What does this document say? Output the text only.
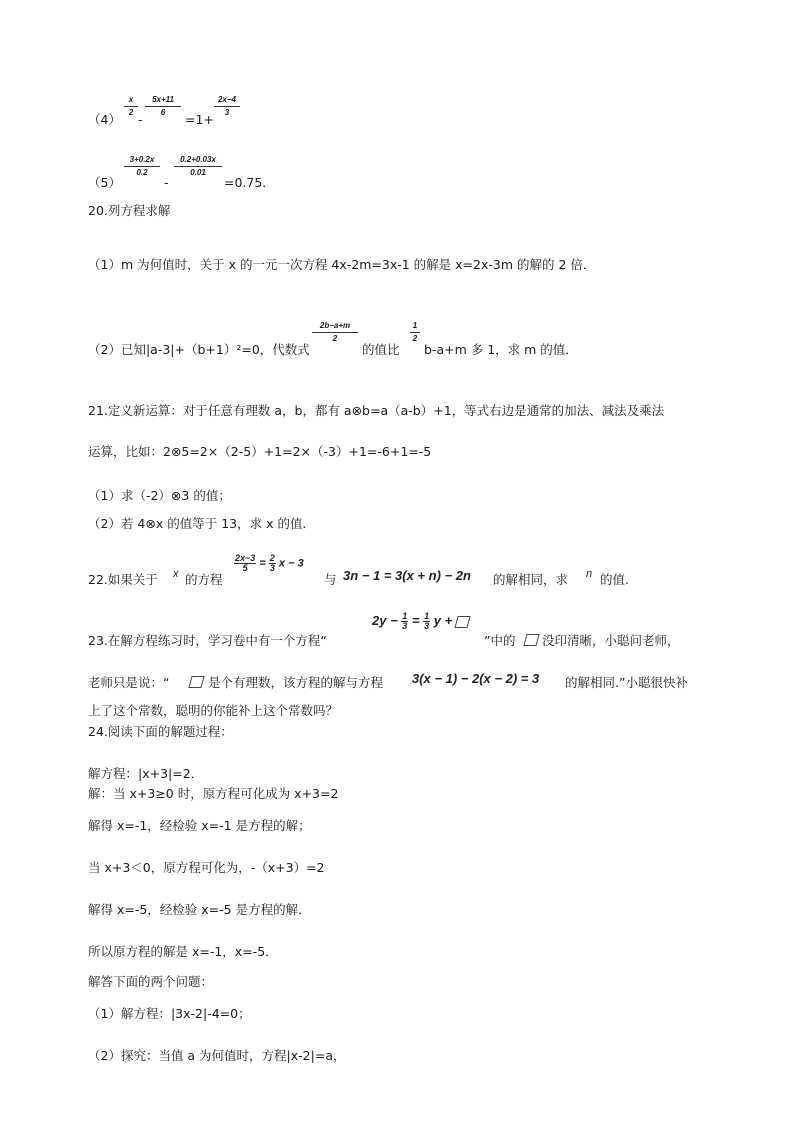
$\frac{x}{2} \frac{5x+11}{6}$	$\frac{2x-4}{3}$
（4） -	=1+
$\frac{3+0.2x}{0.2} \frac{0.2+0.03x}{0.01}$
（5）	-	=0.75．
20.列方程求解
（1）m 为何值时，关于 x 的一元一次方程 4x-2m=3x-1 的解是 x=2x-3m 的解的 2 倍．
（2）已知|a-3|+（b+1）²=0，代数式
$\frac{2b-a+m}{2}$
的值比
$\frac{1}{2}$
b-a+m 多 1，求 m 的值．
21.定义新运算：对于任意有理数 a，b，都有 a⊗b=a（a-b）+1，等式右边是通常的加法、减法及乘法
运算，比如：2⊗5=2×（2-5）+1=2×（-3）+1=-6+1=-5
（1）求（-2）⊗3 的值；
（2）若 4⊗x 的值等于 13，求 x 的值．
22.如果关于 x 的方程
$\frac{2x-3}{5} = \frac{2}{3}$ x − 3
与 3n − 1 = 3(x + n) − 2n 的解相同，求 n 的值.
23.在解方程练习时，学习卷中有一个方程“
$2y - \frac{1}{3} = \frac{1}{3}$ y +
”中的 没印清晰，小聪问老师，
老师只是说：“	是个有理数，该方程的解与方程 3(x − 1) − 2(x − 2) = 3 的解相同.”小聪很快补
上了这个常数，聪明的你能补上这个常数吗？
24.阅读下面的解题过程：
解方程：|x+3|=2．
解：当 x+3≥0 时，原方程可化成为 x+3=2
解得 x=-1，经检验 x=-1 是方程的解；
当 x+3＜0，原方程可化为，-（x+3）=2
解得 x=-5，经检验 x=-5 是方程的解．
所以原方程的解是 x=-1，x=-5．
解答下面的两个问题：
（1）解方程：|3x-2|-4=0；
（2）探究：当值 a 为何值时，方程|x-2|=a，
